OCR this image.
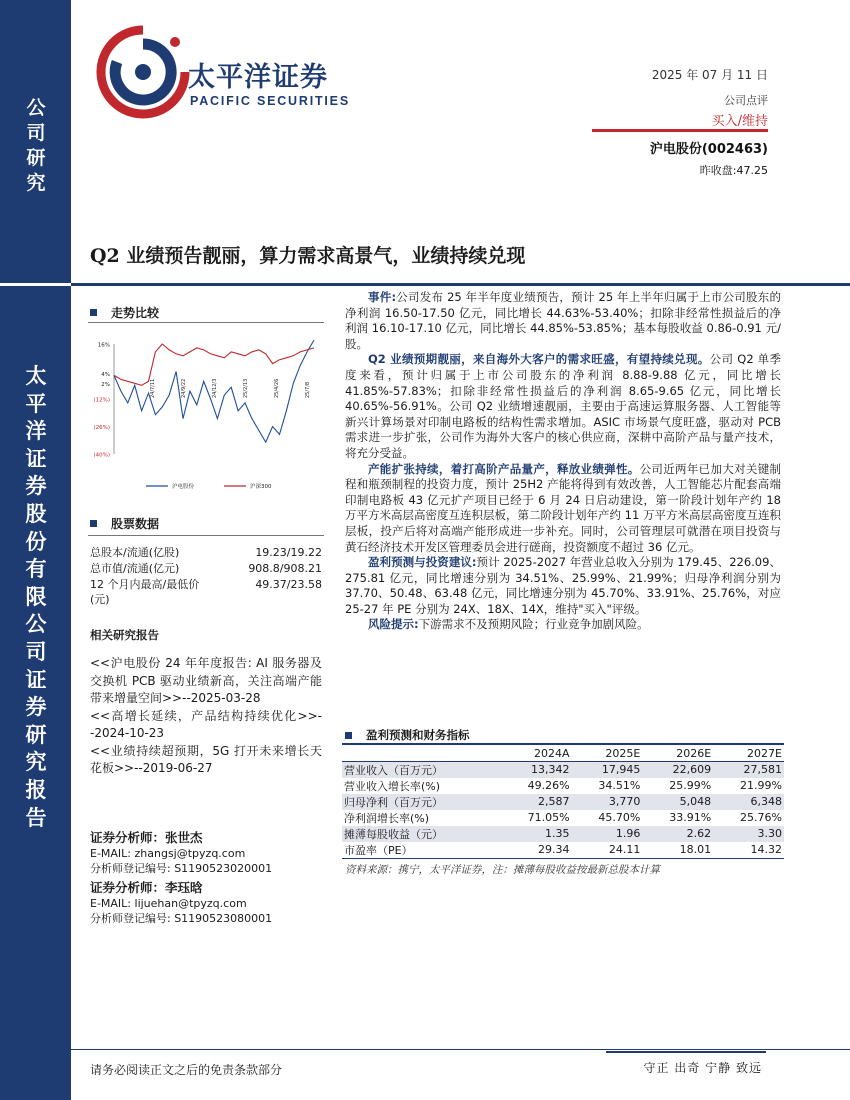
公司研究
太平洋证券股份有限公司证券研究报告
太平洋证券
PACIFIC SECURITIES
2025 年 07 月 11 日
公司点评
买入/维持
沪电股份(002463)
昨收盘:47.25
Q2 业绩预告靓丽，算力需求高景气，业绩持续兑现
走势比较
16%
4%
2%
(12%)
(26%)
(40%)
24/7/11	24/9/22	24/12/3	25/2/13	25/4/26	25/7/8
沪电股份	沪深300
股票数据
总股本/流通(亿股)	19.23/19.22
总市值/流通(亿元)	908.8/908.21
12 个月内最高/最低价	49.37/23.58
(元)
相关研究报告

<<沪电股份 24 年年度报告: AI 服务器及交换机 PCB 驱动业绩新高，关注高端产能带来增量空间>>--2025-03-28

<<高增长延续，产品结构持续优化>>--2024-10-23

<<业绩持续超预期，5G 打开未来增长天花板>>--2019-06-27

证券分析师：张世杰
E-MAIL: zhangsj@tpyzq.com
分析师登记编号: S1190523020001
证券分析师：李珏晗
E-MAIL: lijuehan@tpyzq.com
分析师登记编号: S1190523080001

事件:公司发布 25 年半年度业绩预告，预计 25 年上半年归属于上市公司股东的净利润 16.50-17.50 亿元，同比增长 44.63%-53.40%；扣除非经常性损益后的净利润 16.10-17.10 亿元，同比增长 44.85%-53.85%；基本每股收益 0.86-0.91 元/股。

Q2 业绩预期靓丽，来自海外大客户的需求旺盛，有望持续兑现。公司 Q2 单季度来看，预计归属于上市公司股东的净利润 8.88-9.88 亿元，同比增长 41.85%-57.83%；扣除非经常性损益后的净利润 8.65-9.65 亿元，同比增长 40.65%-56.91%。公司 Q2 业绩增速靓丽，主要由于高速运算服务器、人工智能等新兴计算场景对印制电路板的结构性需求增加。ASIC 市场景气度旺盛，驱动对 PCB 需求进一步扩张，公司作为海外大客户的核心供应商，深耕中高阶产品与量产技术，将充分受益。

产能扩张持续，着打高阶产品量产，释放业绩弹性。公司近两年已加大对关键制程和瓶颈制程的投资力度，预计 25H2 产能将得到有效改善，人工智能芯片配套高端印制电路板 43 亿元扩产项目已经于 6 月 24 日启动建设，第一阶段计划年产约 18 万平方米高层高密度互连积层板，第二阶段计划年产约 11 万平方米高层高密度互连积层板，投产后将对高端产能形成进一步补充。同时，公司管理层可就潜在项目投资与黄石经济技术开发区管理委员会进行磋商，投资额度不超过 36 亿元。

盈利预测与投资建议:预计 2025-2027 年营业总收入分别为 179.45、226.09、275.81 亿元，同比增速分别为 34.51%、25.99%、21.99%；归母净利润分别为 37.70、50.48、63.48 亿元，同比增速分别为 45.70%、33.91%、25.76%，对应 25-27 年 PE 分别为 24X、18X、14X，维持"买入"评级。

风险提示:下游需求不及预期风险；行业竞争加剧风险。

盈利预测和财务指标
	2024A	2025E	2026E	2027E
营业收入（百万元）	13,342	17,945	22,609	27,581
营业收入增长率(%)	49.26%	34.51%	25.99%	21.99%
归母净利（百万元）	2,587	3,770	5,048	6,348
净利润增长率(%)	71.05%	45.70%	33.91%	25.76%
摊薄每股收益（元）	1.35	1.96	2.62	3.30
市盈率（PE）	29.34	24.11	18.01	14.32
资料来源：携宁，太平洋证券，注：摊薄每股收益按最新总股本计算
请务必阅读正文之后的免责条款部分	守正 出奇 宁静 致远
